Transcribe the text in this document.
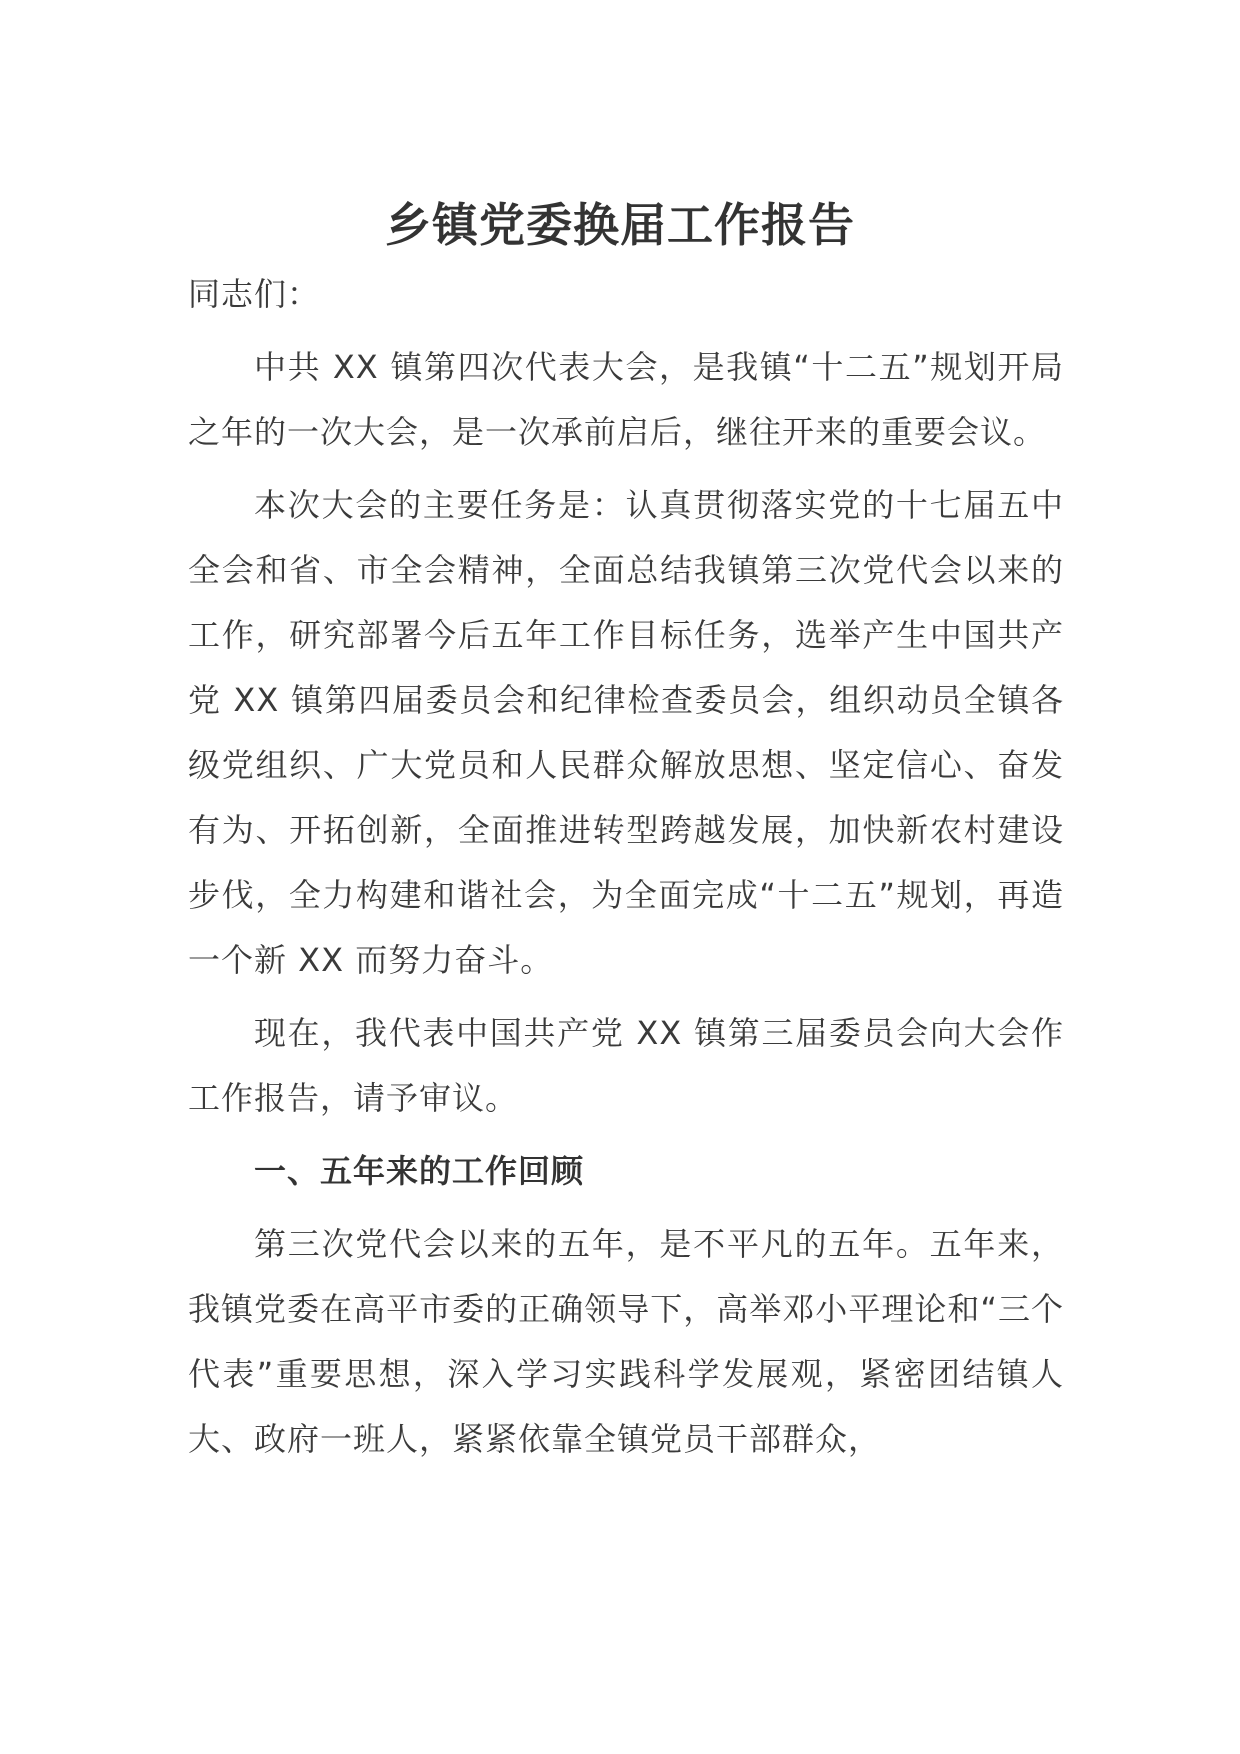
乡镇党委换届工作报告

同志们：

中共 XX 镇第四次代表大会，是我镇“十二五”规划开局之年的一次大会，是一次承前启后，继往开来的重要会议。

本次大会的主要任务是：认真贯彻落实党的十七届五中全会和省、市全会精神，全面总结我镇第三次党代会以来的工作，研究部署今后五年工作目标任务，选举产生中国共产党 XX 镇第四届委员会和纪律检查委员会，组织动员全镇各级党组织、广大党员和人民群众解放思想、坚定信心、奋发有为、开拓创新，全面推进转型跨越发展，加快新农村建设步伐，全力构建和谐社会，为全面完成“十二五”规划，再造一个新 XX 而努力奋斗。

现在，我代表中国共产党 XX 镇第三届委员会向大会作工作报告，请予审议。

一、五年来的工作回顾

第三次党代会以来的五年，是不平凡的五年。五年来，我镇党委在高平市委的正确领导下，高举邓小平理论和“三个代表”重要思想，深入学习实践科学发展观，紧密团结镇人大、政府一班人，紧紧依靠全镇党员干部群众，
